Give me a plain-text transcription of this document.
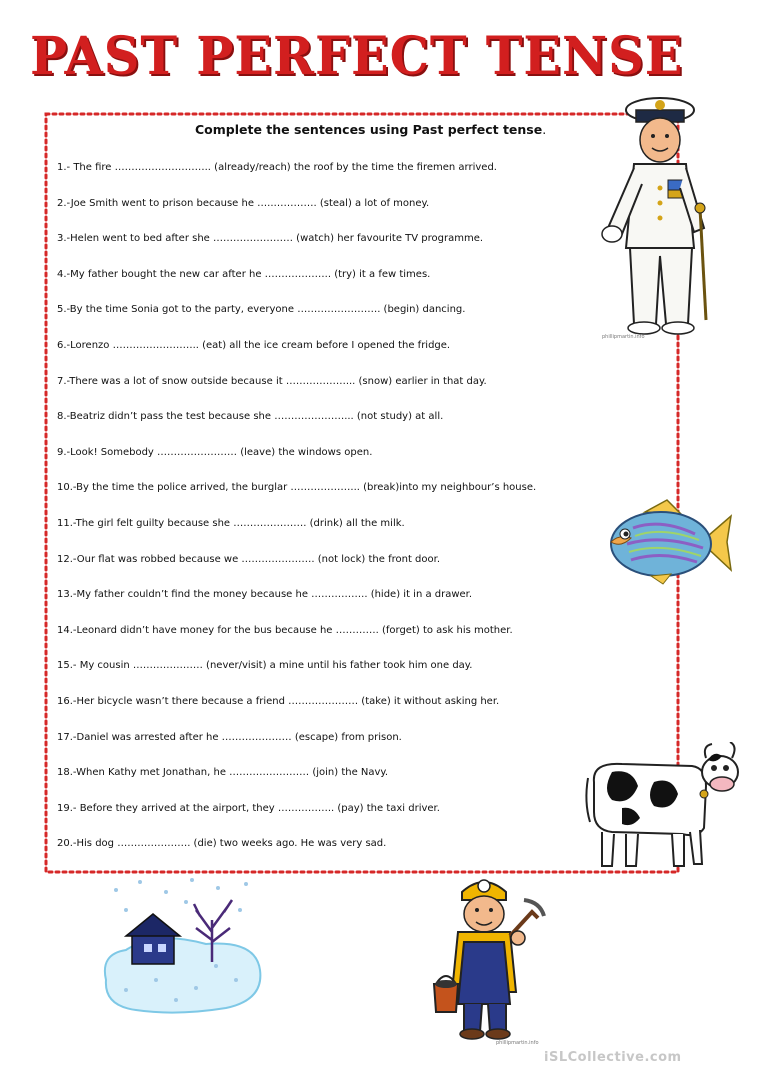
PAST PERFECT TENSE
Complete the sentences using Past perfect tense.
1.- The fire ……………………….. (already/reach) the roof by the time the firemen arrived.
2.-Joe Smith went to prison because he …..…………. (steal) a lot of money.
3.-Helen went to bed after she …………………… (watch) her favourite TV programme.
4.-My father bought the new car after he ……………….. (try) it a few times.
5.-By the time Sonia got to the party, everyone ……………………. (begin) dancing.
6.-Lorenzo …………………….. (eat) all the ice cream before I opened the fridge.
7.-There was a lot of snow outside because it ………………... (snow) earlier in that day.
8.-Beatriz didn’t pass the test because she …………………... (not study) at all.
9.-Look! Somebody …………………… (leave) the windows open.
10.-By the time the police arrived, the burglar ………………... (break)into my neighbour’s house.
11.-The girl felt guilty because she …………………. (drink) all the milk.
12.-Our flat was robbed because we …………………. (not lock) the front door.
13.-My father couldn’t find the money because he …………….. (hide) it in a drawer.
14.-Leonard didn’t have money for the bus because he …………. (forget) to ask his mother.
15.- My cousin ………………… (never/visit) a mine until his father took him one day.
16.-Her bicycle wasn’t there because a friend ………………… (take) it without asking her.
17.-Daniel was arrested after he ………………… (escape) from prison.
18.-When Kathy met Jonathan, he …………………… (join) the Navy.
19.- Before they arrived at the airport, they …………….. (pay) the taxi driver.
20.-His dog …………………. (die) two weeks ago. He was very sad.
phillipmartin.info
phillipmartin.info
iSLCollective.com
